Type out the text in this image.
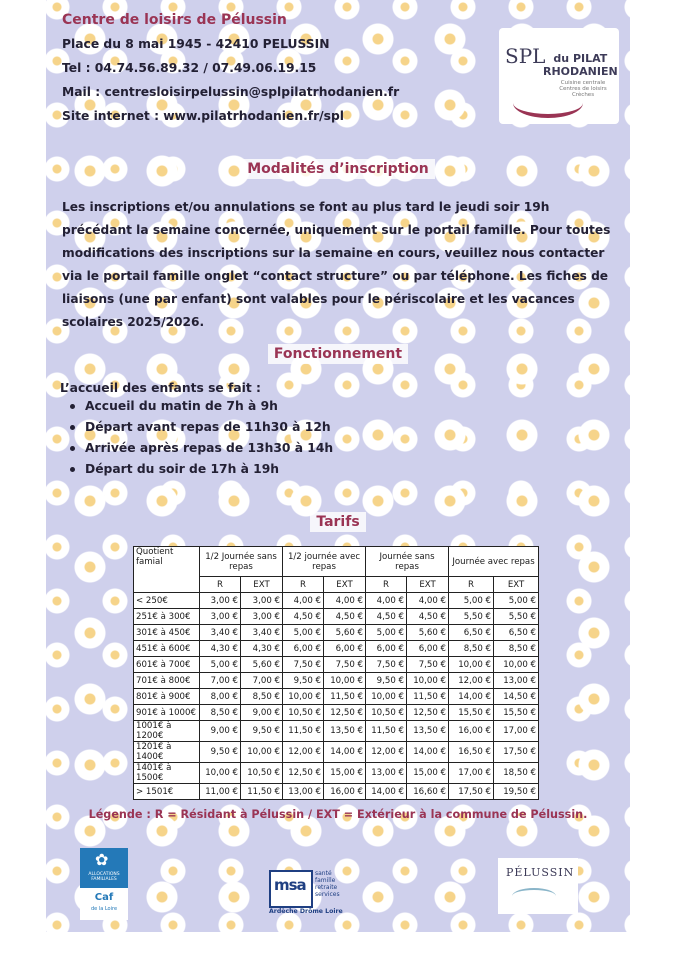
Centre de loisirs de Pélussin
Place du 8 mai 1945 - 42410 PELUSSIN
Tel : 04.74.56.89.32 / 07.49.06.19.15
Mail : centresloisirpelussin@splpilatrhodanien.fr
Site internet : www.pilatrhodanien.fr/spl
SPL du PILAT
RHODANIEN
Cuisine centrale Centres de loisirs Crèches
Modalités d’inscription

Les inscriptions et/ou annulations se font au plus tard le jeudi soir 19h précédant la semaine concernée, uniquement sur le portail famille. Pour toutes modifications des inscriptions sur la semaine en cours, veuillez nous contacter via le portail famille onglet “contact structure” ou par téléphone. Les fiches de liaisons (une par enfant) sont valables pour le périscolaire et les vacances scolaires 2025/2026.

Fonctionnement
L’accueil des enfants se fait :
Accueil du matin de 7h à 9h
Départ avant repas de 11h30 à 12h
Arrivée après repas de 13h30 à 14h
Départ du soir de 17h à 19h
Tarifs
Quotient famial	1/2 Journée sans repas		1/2 journée avec repas		Journée sans repas		Journée avec repas	
	R	EXT	R	EXT	R	EXT	R	EXT
< 250€	3,00 €	3,00 €	4,00 €	4,00 €	4,00 €	4,00 €	5,00 €	5,00 €
251€ à 300€	3,00 €	3,00 €	4,50 €	4,50 €	4,50 €	4,50 €	5,50 €	5,50 €
301€ à 450€	3,40 €	3,40 €	5,00 €	5,60 €	5,00 €	5,60 €	6,50 €	6,50 €
451€ à 600€	4,30 €	4,30 €	6,00 €	6,00 €	6,00 €	6,00 €	8,50 €	8,50 €
601€ à 700€	5,00 €	5,60 €	7,50 €	7,50 €	7,50 €	7,50 €	10,00 €	10,00 €
701€ à 800€	7,00 €	7,00 €	9,50 €	10,00 €	9,50 €	10,00 €	12,00 €	13,00 €
801€ à 900€	8,00 €	8,50 €	10,00 €	11,50 €	10,00 €	11,50 €	14,00 €	14,50 €
901€ à 1000€	8,50 €	9,00 €	10,50 €	12,50 €	10,50 €	12,50 €	15,50 €	15,50 €
1001€ à 1200€	9,00 €	9,50 €	11,50 €	13,50 €	11,50 €	13,50 €	16,00 €	17,00 €
1201€ à 1400€	9,50 €	10,00 €	12,00 €	14,00 €	12,00 €	14,00 €	16,50 €	17,50 €
1401€ à 1500€	10,00 €	10,50 €	12,50 €	15,00 €	13,00 €	15,00 €	17,00 €	18,50 €
> 1501€	11,00 €	11,50 €	13,00 €	16,00 €	14,00 €	16,60 €	17,50 €	19,50 €
Légende : R = Résidant à Pélussin / EXT = Extérieur à la commune de Pélussin.
✿
ALLOCATIONS FAMILIALES
Caf
de la Loire
msa
santé
famille
retraite
services
Ardèche Drôme Loire
PÉLUSSIN
